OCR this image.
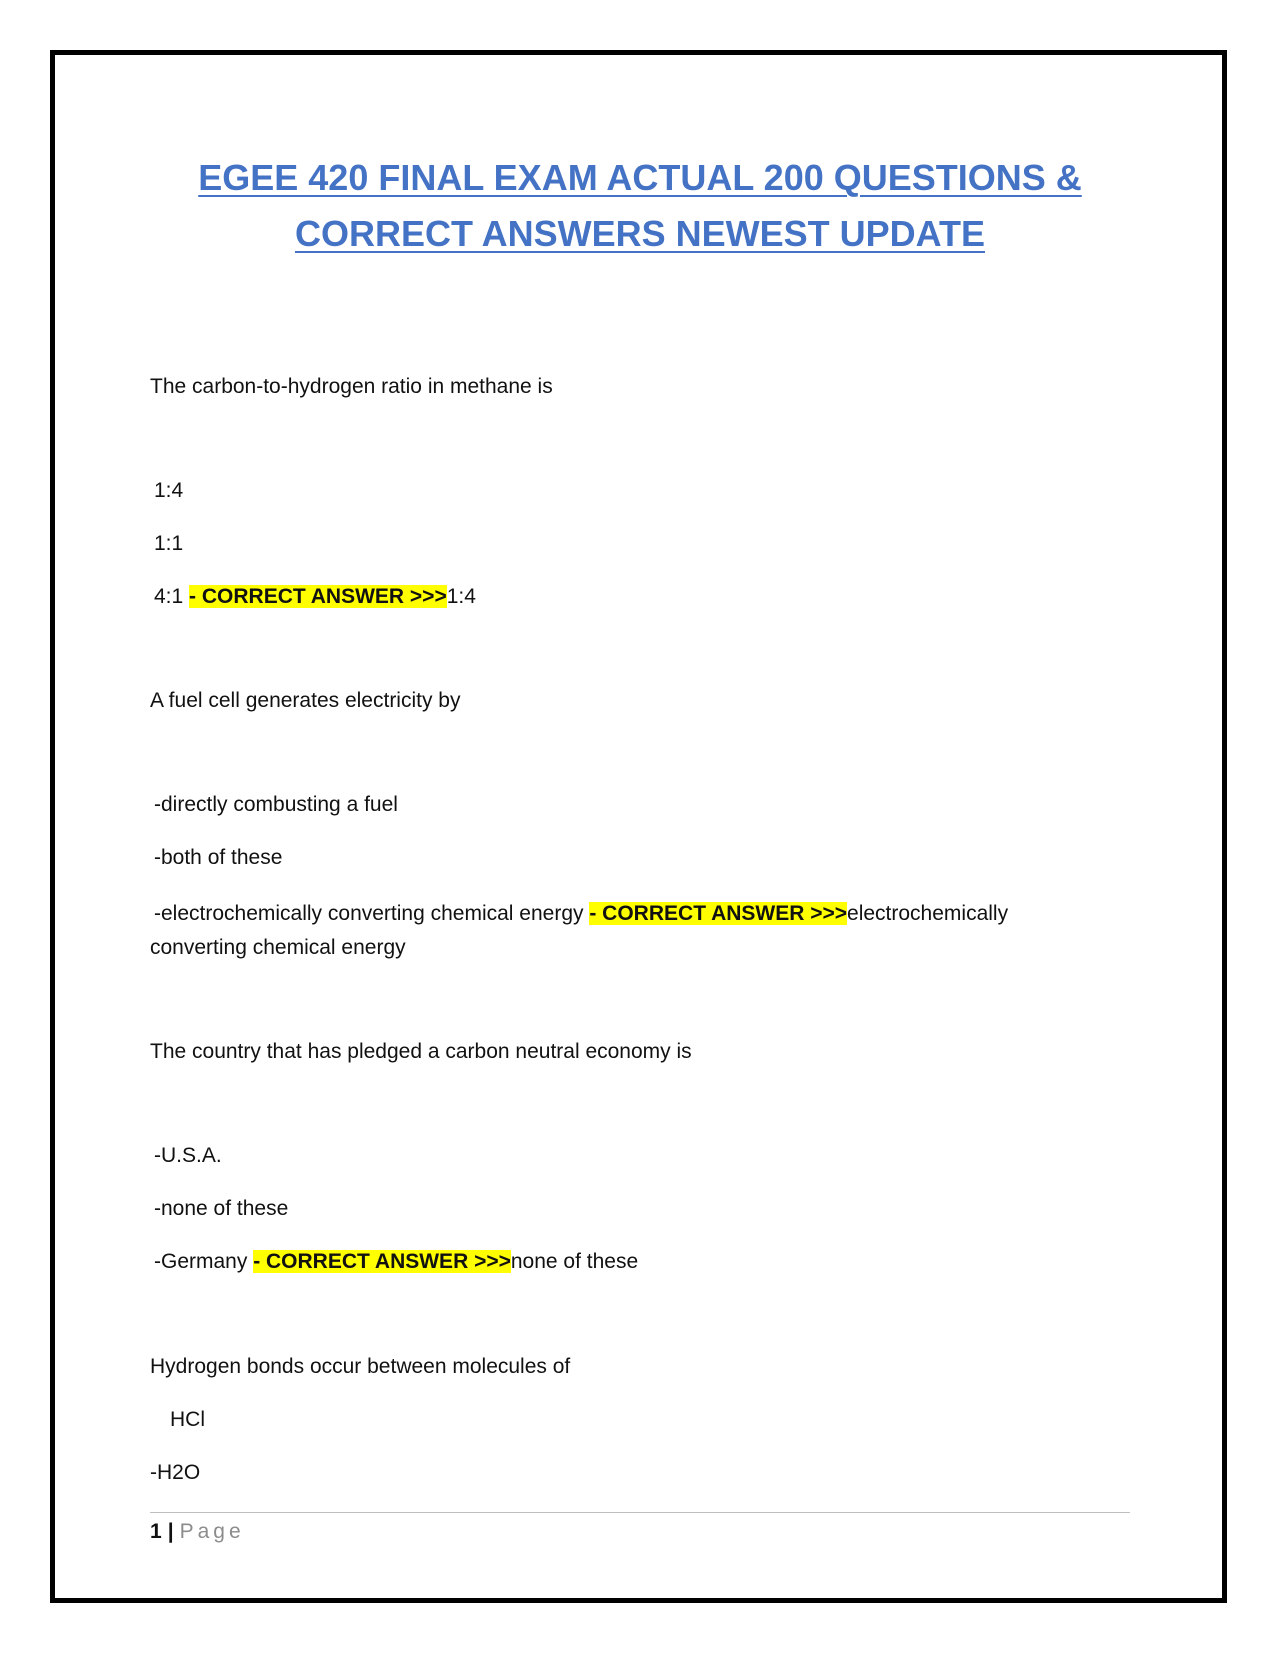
EGEE 420 FINAL EXAM ACTUAL 200 QUESTIONS &
CORRECT ANSWERS NEWEST UPDATE
The carbon-to-hydrogen ratio in methane is
1:4
1:1
4:1 - CORRECT ANSWER >>>1:4
A fuel cell generates electricity by
-directly combusting a fuel
-both of these
-electrochemically converting chemical energy - CORRECT ANSWER >>>electrochemically
converting chemical energy
The country that has pledged a carbon neutral economy is
-U.S.A.
-none of these
-Germany - CORRECT ANSWER >>>none of these
Hydrogen bonds occur between molecules of
HCl
-H2O
1 | Page
